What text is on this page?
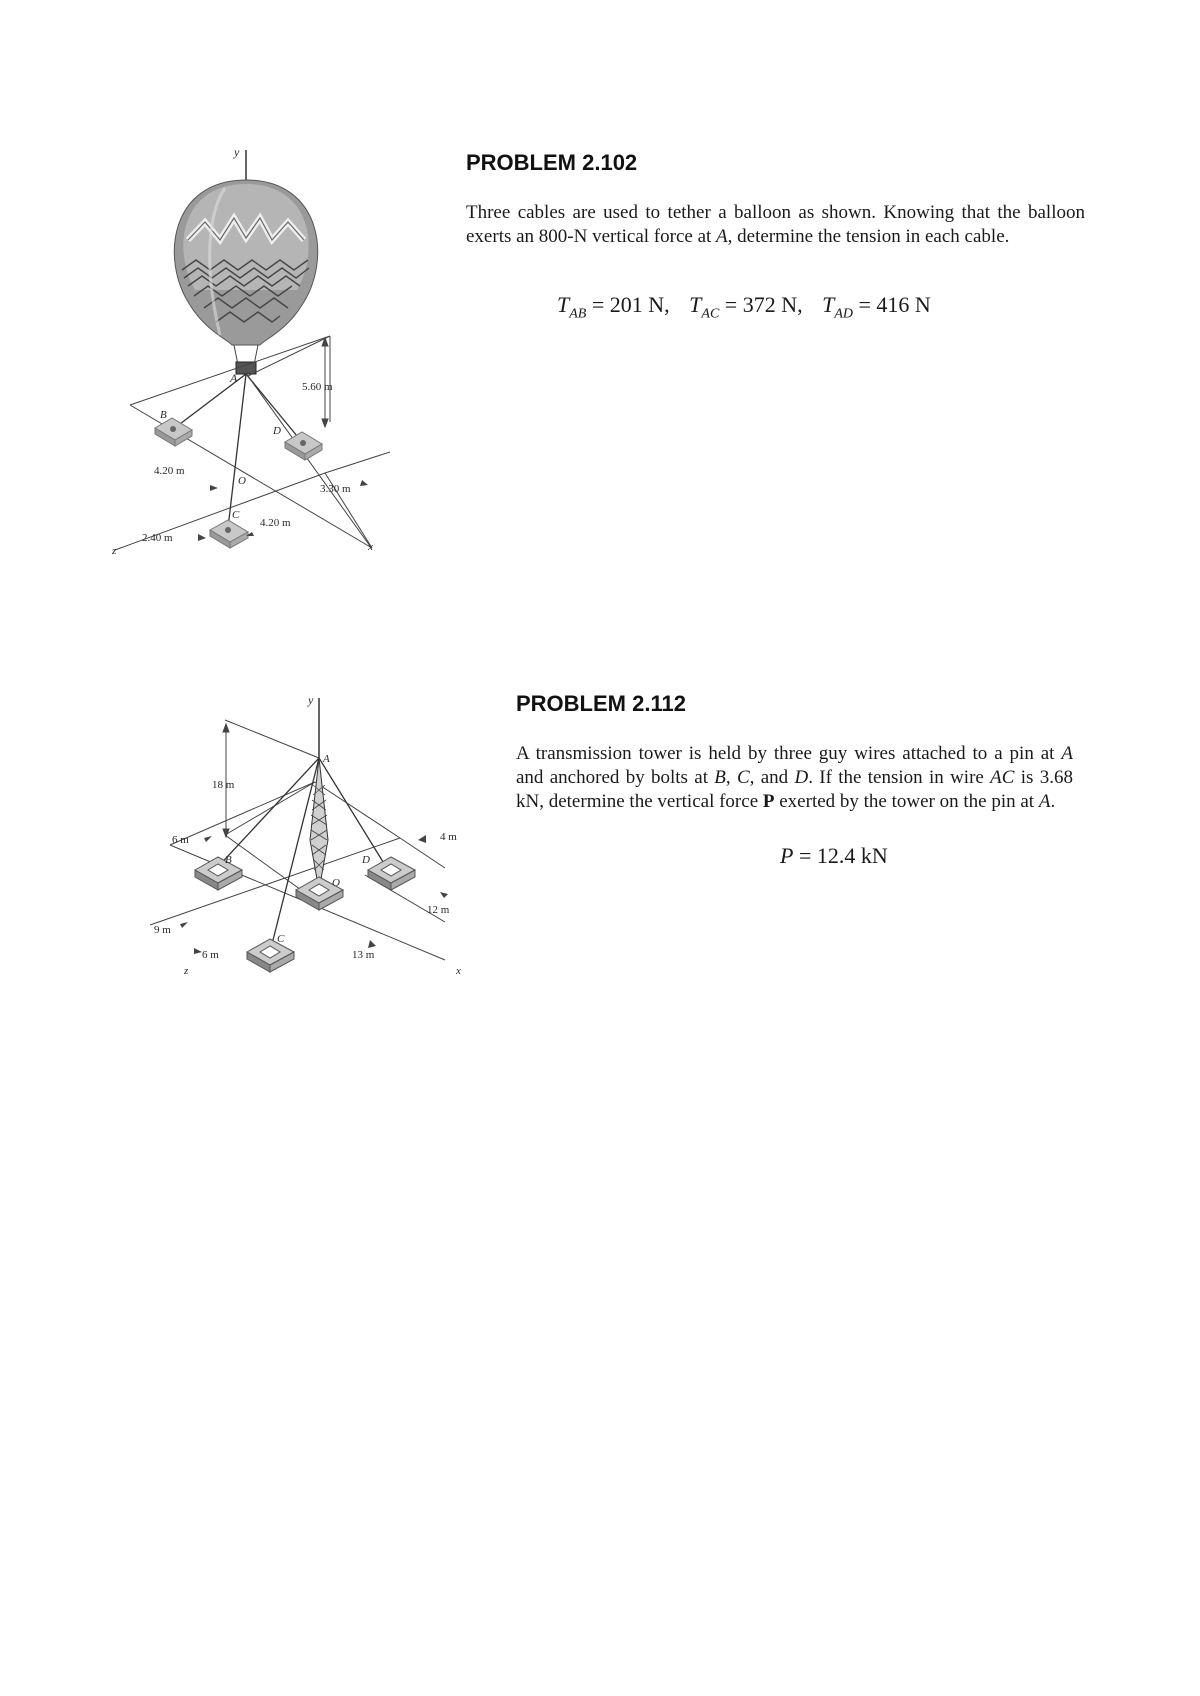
y
5.60 m
A
B
D
C
O
4.20 m
3.30 m
4.20 m
2.40 m
x
z
PROBLEM 2.102
Three cables are used to tether a balloon as shown. Knowing that the balloon exerts an 800-N vertical force at A, determine the tension in each cable.
$T_{AB} = 201$ N, $T_{AC} = 372$ N, $T_{AD} = 416$ N
y
18 m
A
B
O
D
C
6 m
9 m
6 m
4 m
12 m
13 m
x
z
PROBLEM 2.112
A transmission tower is held by three guy wires attached to a pin at A and anchored by bolts at B, C, and D. If the tension in wire AC is 3.68 kN, determine the vertical force P exerted by the tower on the pin at A.
P = 12.4 kN
